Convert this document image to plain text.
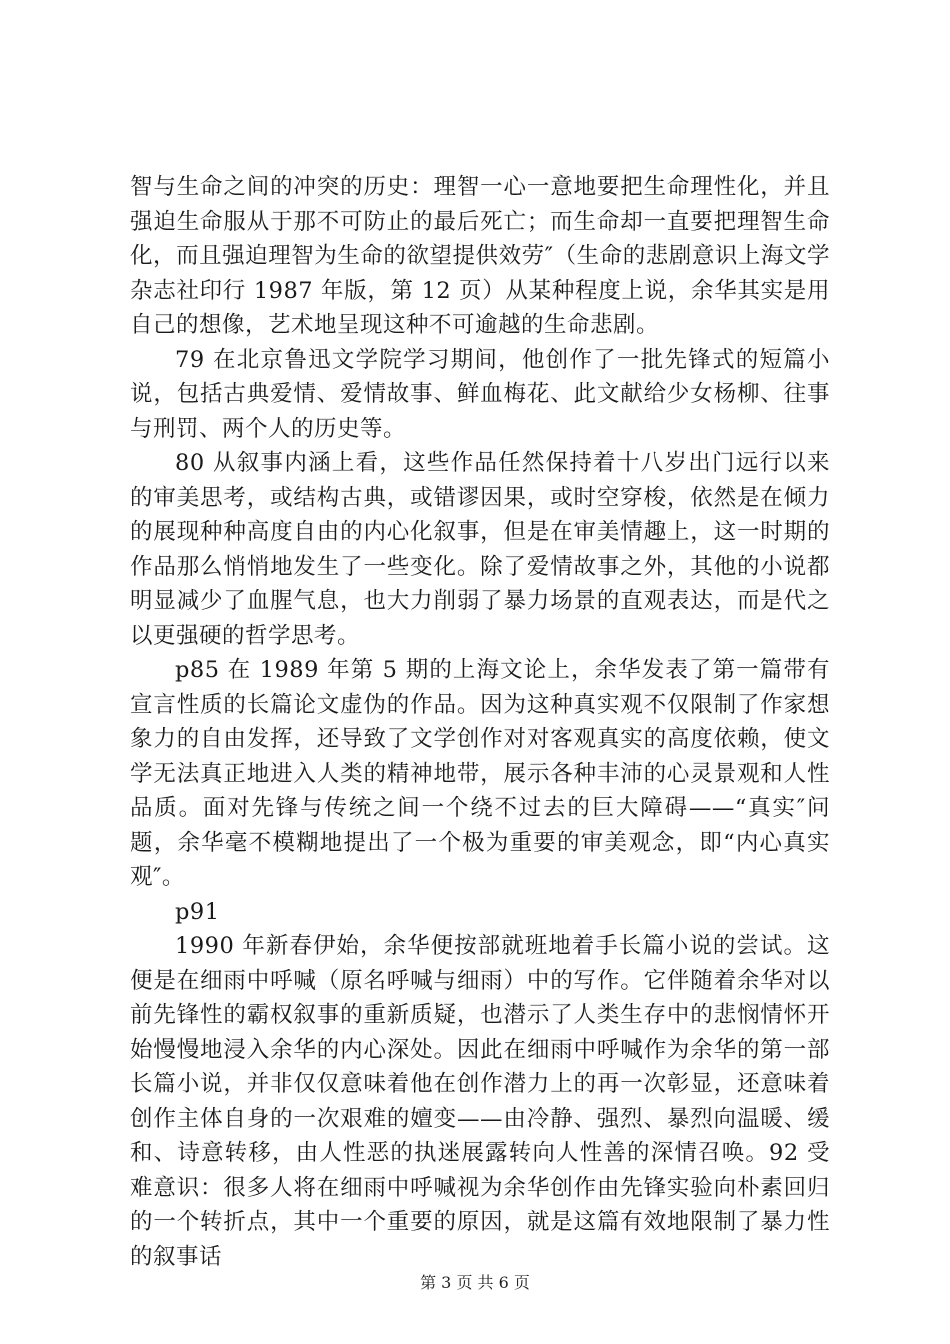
智与生命之间的冲突的历史：理智一心一意地要把生命理性化，并且强迫生命服从于那不可防止的最后死亡；而生命却一直要把理智生命化，而且强迫理智为生命的欲望提供效劳″（生命的悲剧意识上海文学杂志社印行 1987 年版，第 12 页）从某种程度上说，余华其实是用自己的想像，艺术地呈现这种不可逾越的生命悲剧。

79 在北京鲁迅文学院学习期间，他创作了一批先锋式的短篇小说，包括古典爱情、爱情故事、鲜血梅花、此文献给少女杨柳、往事与刑罚、两个人的历史等。

80 从叙事内涵上看，这些作品任然保持着十八岁出门远行以来的审美思考，或结构古典，或错谬因果，或时空穿梭，依然是在倾力的展现种种高度自由的内心化叙事，但是在审美情趣上，这一时期的作品那么悄悄地发生了一些变化。除了爱情故事之外，其他的小说都明显减少了血腥气息，也大力削弱了暴力场景的直观表达，而是代之以更强硬的哲学思考。

p85 在 1989 年第 5 期的上海文论上，余华发表了第一篇带有宣言性质的长篇论文虚伪的作品。因为这种真实观不仅限制了作家想象力的自由发挥，还导致了文学创作对对客观真实的高度依赖，使文学无法真正地进入人类的精神地带，展示各种丰沛的心灵景观和人性品质。面对先锋与传统之间一个绕不过去的巨大障碍——“真实″问题，余华毫不模糊地提出了一个极为重要的审美观念，即“内心真实观″。

p91

1990 年新春伊始，余华便按部就班地着手长篇小说的尝试。这便是在细雨中呼喊（原名呼喊与细雨）中的写作。它伴随着余华对以前先锋性的霸权叙事的重新质疑，也潜示了人类生存中的悲悯情怀开始慢慢地浸入余华的内心深处。因此在细雨中呼喊作为余华的第一部长篇小说，并非仅仅意味着他在创作潜力上的再一次彰显，还意味着创作主体自身的一次艰难的嬗变——由冷静、强烈、暴烈向温暖、缓和、诗意转移，由人性恶的执迷展露转向人性善的深情召唤。92 受难意识：很多人将在细雨中呼喊视为余华创作由先锋实验向朴素回归的一个转折点，其中一个重要的原因，就是这篇有效地限制了暴力性的叙事话

第 3 页 共 6 页
